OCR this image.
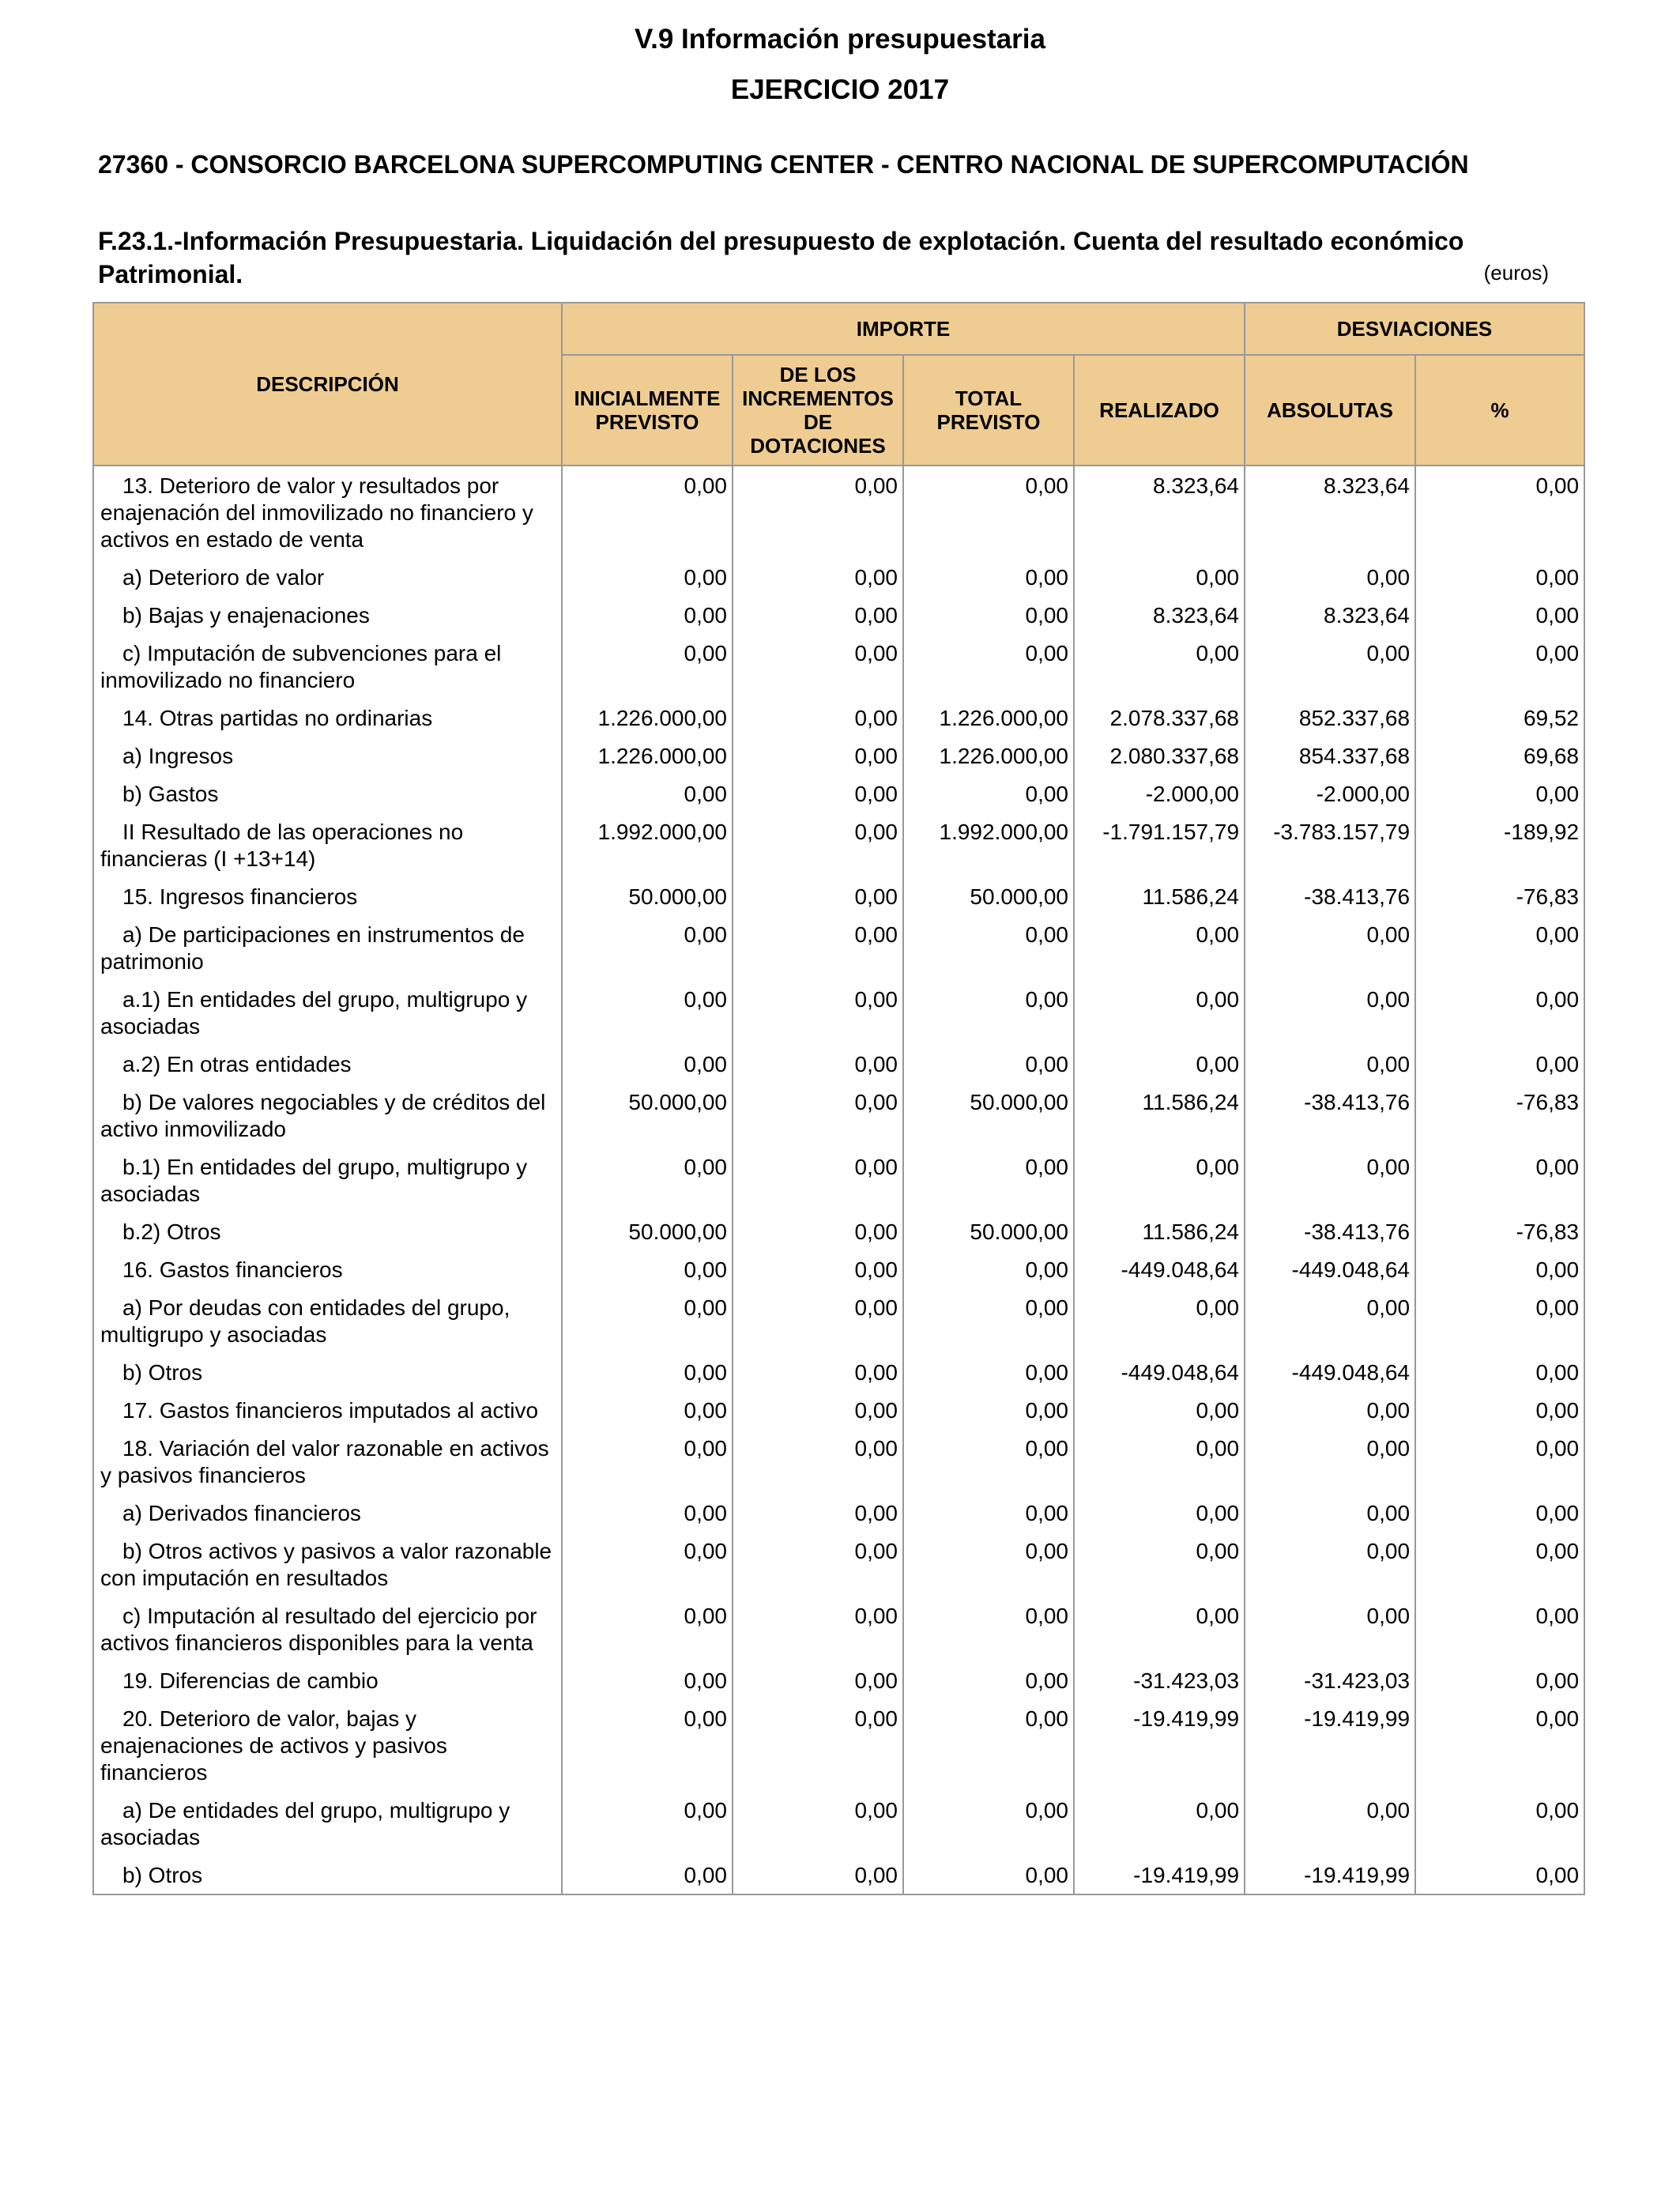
V.9 Información presupuestaria
EJERCICIO 2017
27360 - CONSORCIO BARCELONA SUPERCOMPUTING CENTER - CENTRO NACIONAL DE SUPERCOMPUTACIÓN
F.23.1.-Información Presupuestaria. Liquidación del presupuesto de explotación. Cuenta del resultado económico Patrimonial.	(euros)
DESCRIPCIÓN	IMPORTE				DESVIACIONES	
	INICIALMENTE PREVISTO	DE LOS INCREMENTOS DE DOTACIONES	TOTAL PREVISTO	REALIZADO	ABSOLUTAS	%
13. Deterioro de valor y resultados por enajenación del inmovilizado no financiero y activos en estado de venta	0,00	0,00	0,00	8.323,64	8.323,64	0,00
a) Deterioro de valor	0,00	0,00	0,00	0,00	0,00	0,00
b) Bajas y enajenaciones	0,00	0,00	0,00	8.323,64	8.323,64	0,00
c) Imputación de subvenciones para el inmovilizado no financiero	0,00	0,00	0,00	0,00	0,00	0,00
14. Otras partidas no ordinarias	1.226.000,00	0,00	1.226.000,00	2.078.337,68	852.337,68	69,52
a) Ingresos	1.226.000,00	0,00	1.226.000,00	2.080.337,68	854.337,68	69,68
b) Gastos	0,00	0,00	0,00	-2.000,00	-2.000,00	0,00
II Resultado de las operaciones no financieras (I +13+14)	1.992.000,00	0,00	1.992.000,00	-1.791.157,79	-3.783.157,79	-189,92
15. Ingresos financieros	50.000,00	0,00	50.000,00	11.586,24	-38.413,76	-76,83
a) De participaciones en instrumentos de patrimonio	0,00	0,00	0,00	0,00	0,00	0,00
a.1) En entidades del grupo, multigrupo y asociadas	0,00	0,00	0,00	0,00	0,00	0,00
a.2) En otras entidades	0,00	0,00	0,00	0,00	0,00	0,00
b) De valores negociables y de créditos del activo inmovilizado	50.000,00	0,00	50.000,00	11.586,24	-38.413,76	-76,83
b.1) En entidades del grupo, multigrupo y asociadas	0,00	0,00	0,00	0,00	0,00	0,00
b.2) Otros	50.000,00	0,00	50.000,00	11.586,24	-38.413,76	-76,83
16. Gastos financieros	0,00	0,00	0,00	-449.048,64	-449.048,64	0,00
a) Por deudas con entidades del grupo, multigrupo y asociadas	0,00	0,00	0,00	0,00	0,00	0,00
b) Otros	0,00	0,00	0,00	-449.048,64	-449.048,64	0,00
17. Gastos financieros imputados al activo	0,00	0,00	0,00	0,00	0,00	0,00
18. Variación del valor razonable en activos y pasivos financieros	0,00	0,00	0,00	0,00	0,00	0,00
a) Derivados financieros	0,00	0,00	0,00	0,00	0,00	0,00
b) Otros activos y pasivos a valor razonable con imputación en resultados	0,00	0,00	0,00	0,00	0,00	0,00
c) Imputación al resultado del ejercicio por activos financieros disponibles para la venta	0,00	0,00	0,00	0,00	0,00	0,00
19. Diferencias de cambio	0,00	0,00	0,00	-31.423,03	-31.423,03	0,00
20. Deterioro de valor, bajas y enajenaciones de activos y pasivos financieros	0,00	0,00	0,00	-19.419,99	-19.419,99	0,00
a) De entidades del grupo, multigrupo y asociadas	0,00	0,00	0,00	0,00	0,00	0,00
b) Otros	0,00	0,00	0,00	-19.419,99	-19.419,99	0,00
